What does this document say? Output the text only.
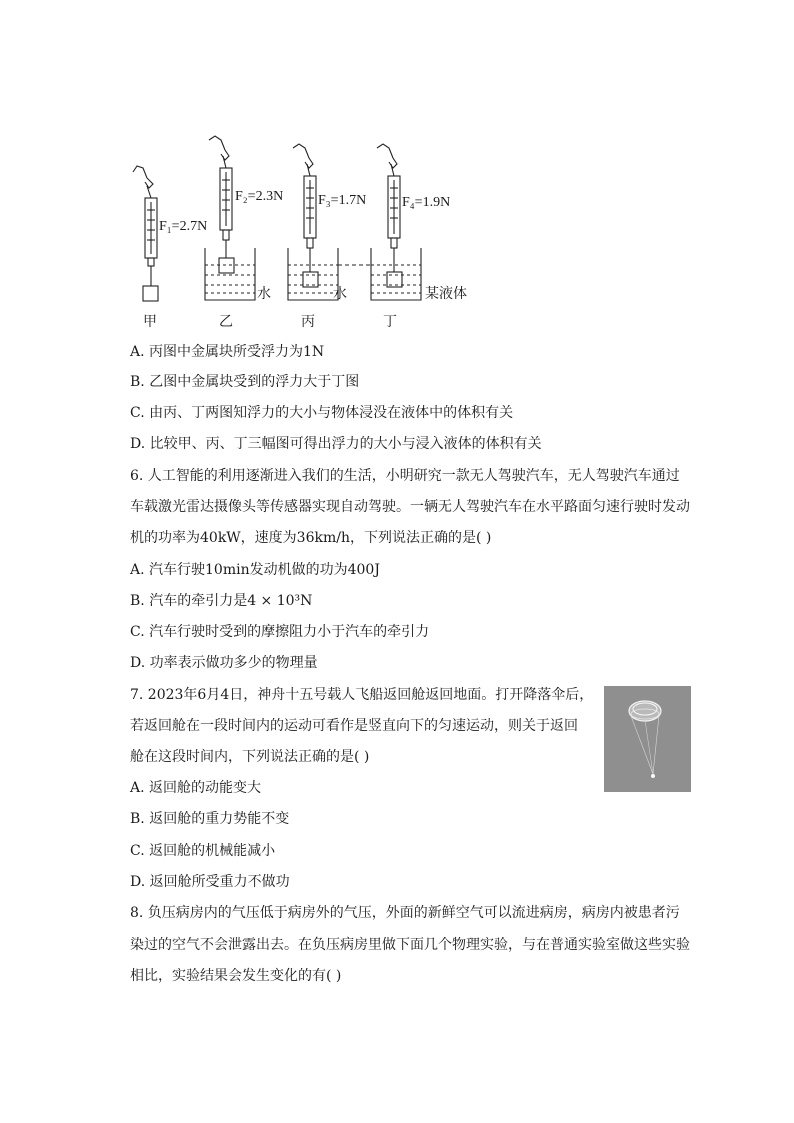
F₁=2.7N
F₂=2.3N F₃=1.7N	F₄=1.9N
水	水	某液体
甲	乙	丙	丁
A. 丙图中金属块所受浮力为1N
B. 乙图中金属块受到的浮力大于丁图
C. 由丙、丁两图知浮力的大小与物体浸没在液体中的体积有关
D. 比较甲、丙、丁三幅图可得出浮力的大小与浸入液体的体积有关
6. 人工智能的利用逐渐进入我们的生活，小明研究一款无人驾驶汽车，无人驾驶汽车通过
车载激光雷达摄像头等传感器实现自动驾驶。一辆无人驾驶汽车在水平路面匀速行驶时发动
机的功率为40kW，速度为36km/h，下列说法正确的是( )
A. 汽车行驶10min发动机做的功为400J
B. 汽车的牵引力是4 × 10³N
C. 汽车行驶时受到的摩擦阻力小于汽车的牵引力
D. 功率表示做功多少的物理量
7. 2023年6月4日，神舟十五号载人飞船返回舱返回地面。打开降落伞后，
若返回舱在一段时间内的运动可看作是竖直向下的匀速运动，则关于返回
舱在这段时间内，下列说法正确的是( )
A. 返回舱的动能变大
B. 返回舱的重力势能不变
C. 返回舱的机械能减小
D. 返回舱所受重力不做功
8. 负压病房内的气压低于病房外的气压，外面的新鲜空气可以流进病房，病房内被患者污
染过的空气不会泄露出去。在负压病房里做下面几个物理实验，与在普通实验室做这些实验
相比，实验结果会发生变化的有( )
